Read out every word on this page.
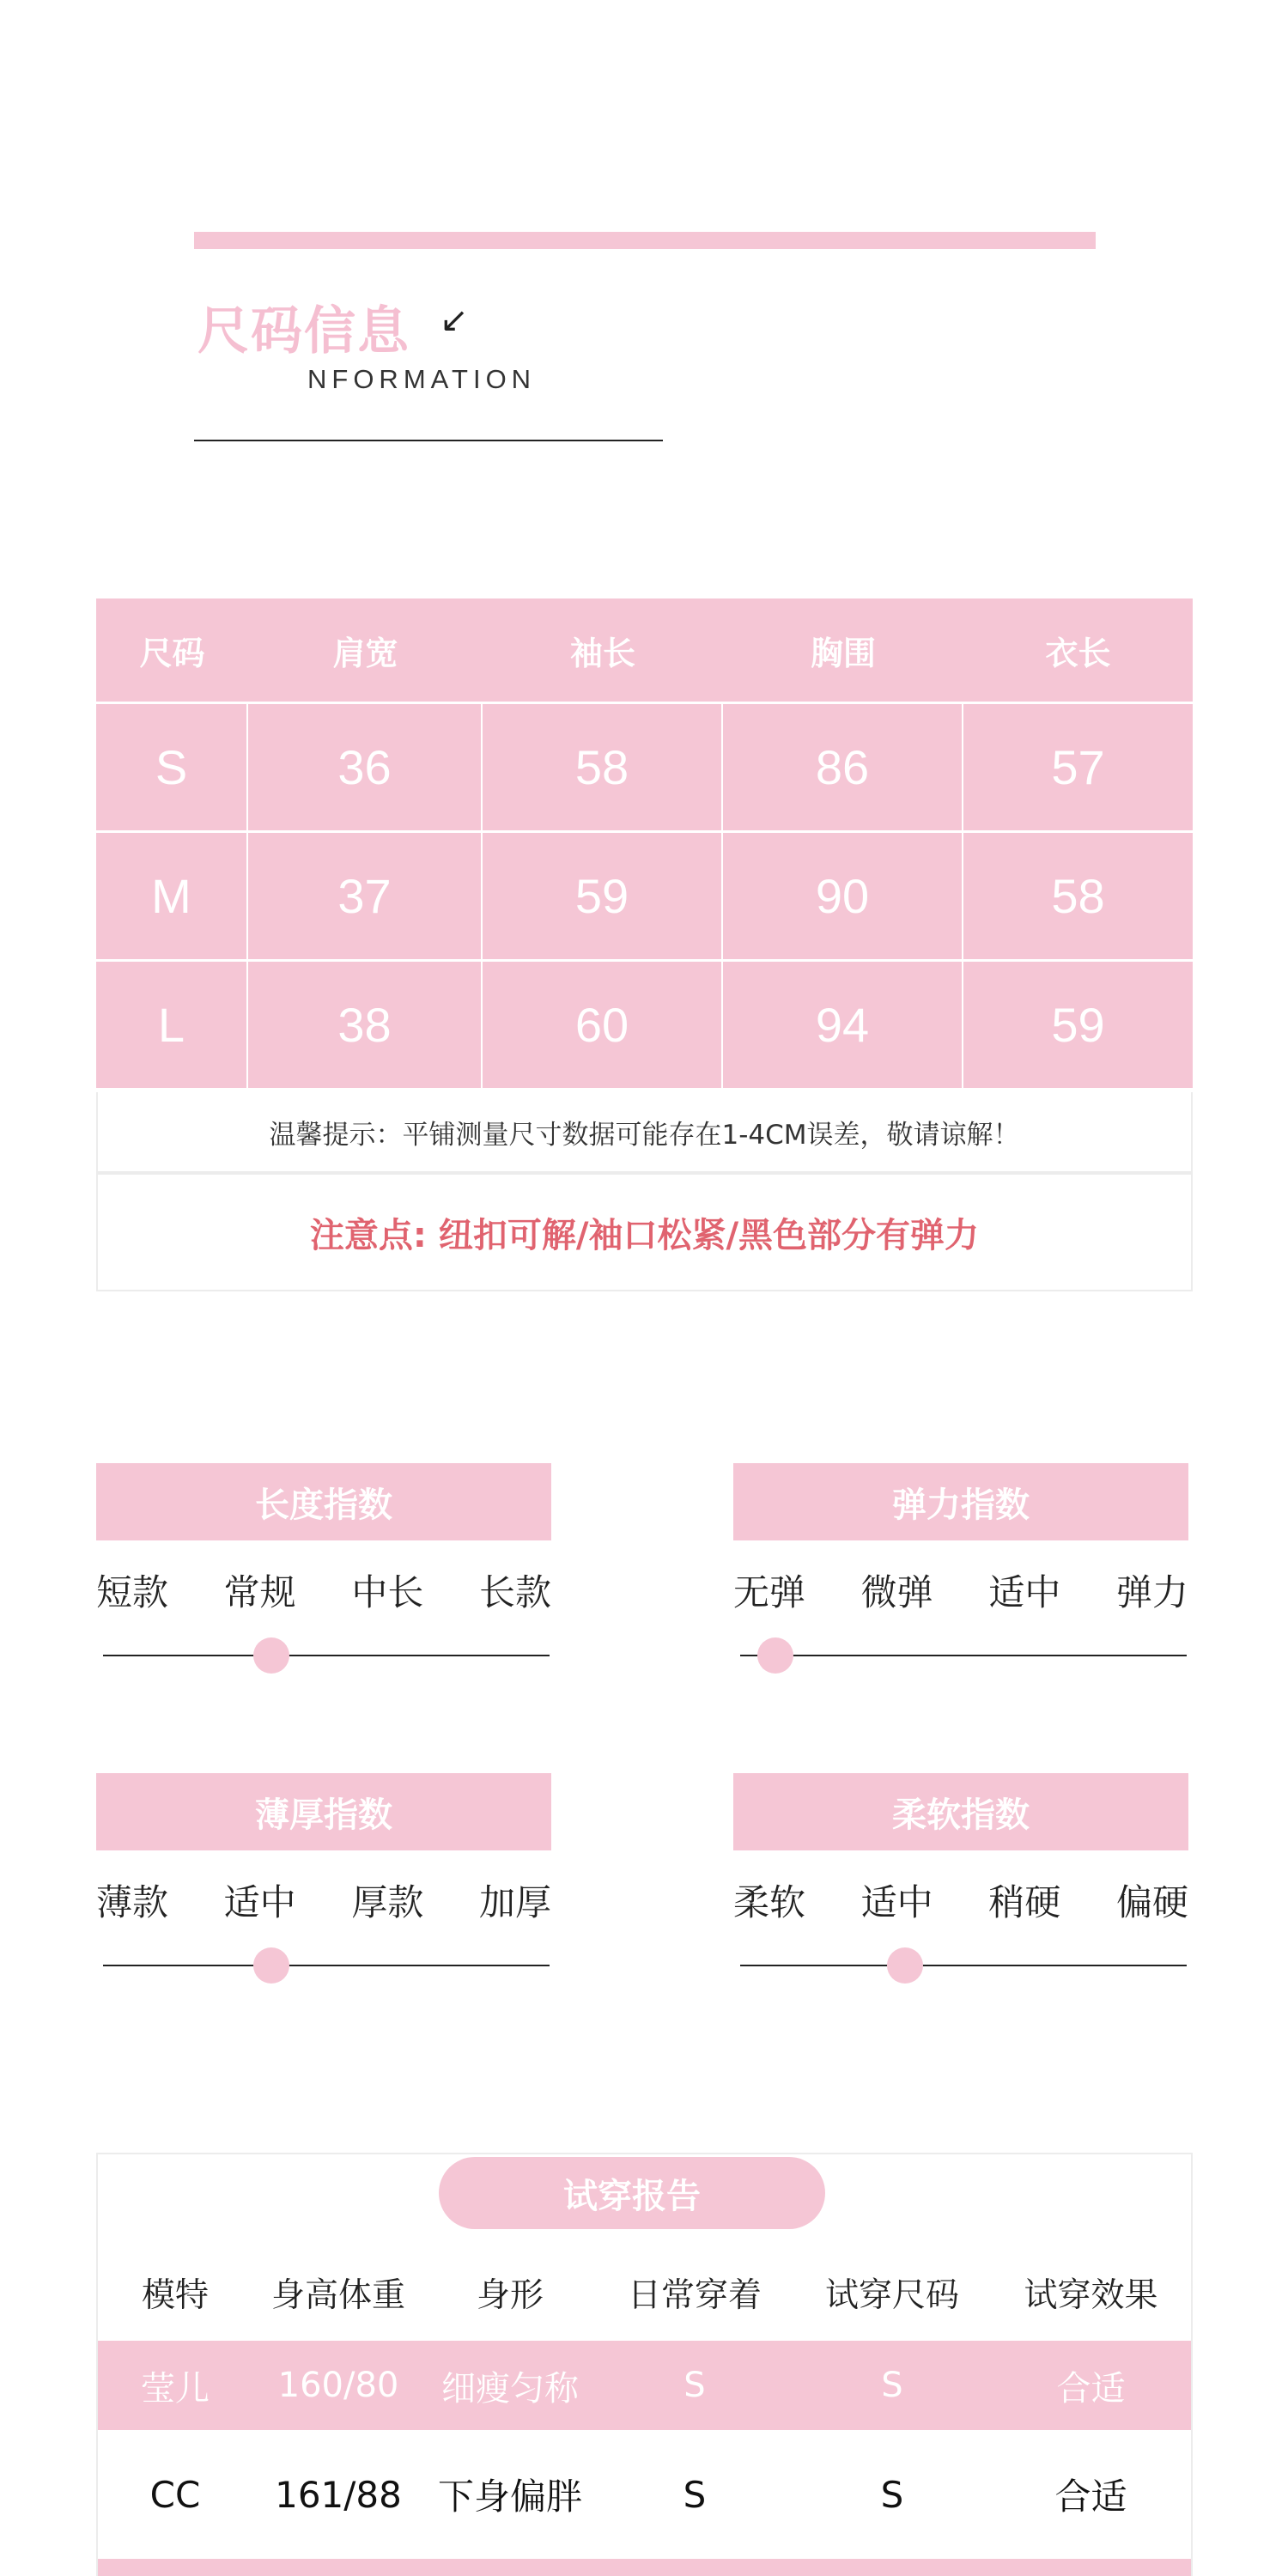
尺码信息 ↙
NFORMATION
尺码	肩宽	袖长	胸围	衣长
S	36	58	86	57
M	37	59	90	58
L	38	60	94	59
温馨提示：平铺测量尺寸数据可能存在1-4CM误差，敬请谅解！
注意点: 纽扣可解/袖口松紧/黑色部分有弹力
长度指数
短款 常规 中长 长款
弹力指数
无弹 微弹 适中 弹力
薄厚指数
薄款 适中 厚款 加厚
柔软指数
柔软 适中 稍硬 偏硬
试穿报告
模特	身高体重	身形	日常穿着	试穿尺码	试穿效果
莹儿	160/80	细瘦匀称	S	S	合适
CC	161/88	下身偏胖	S	S	合适
